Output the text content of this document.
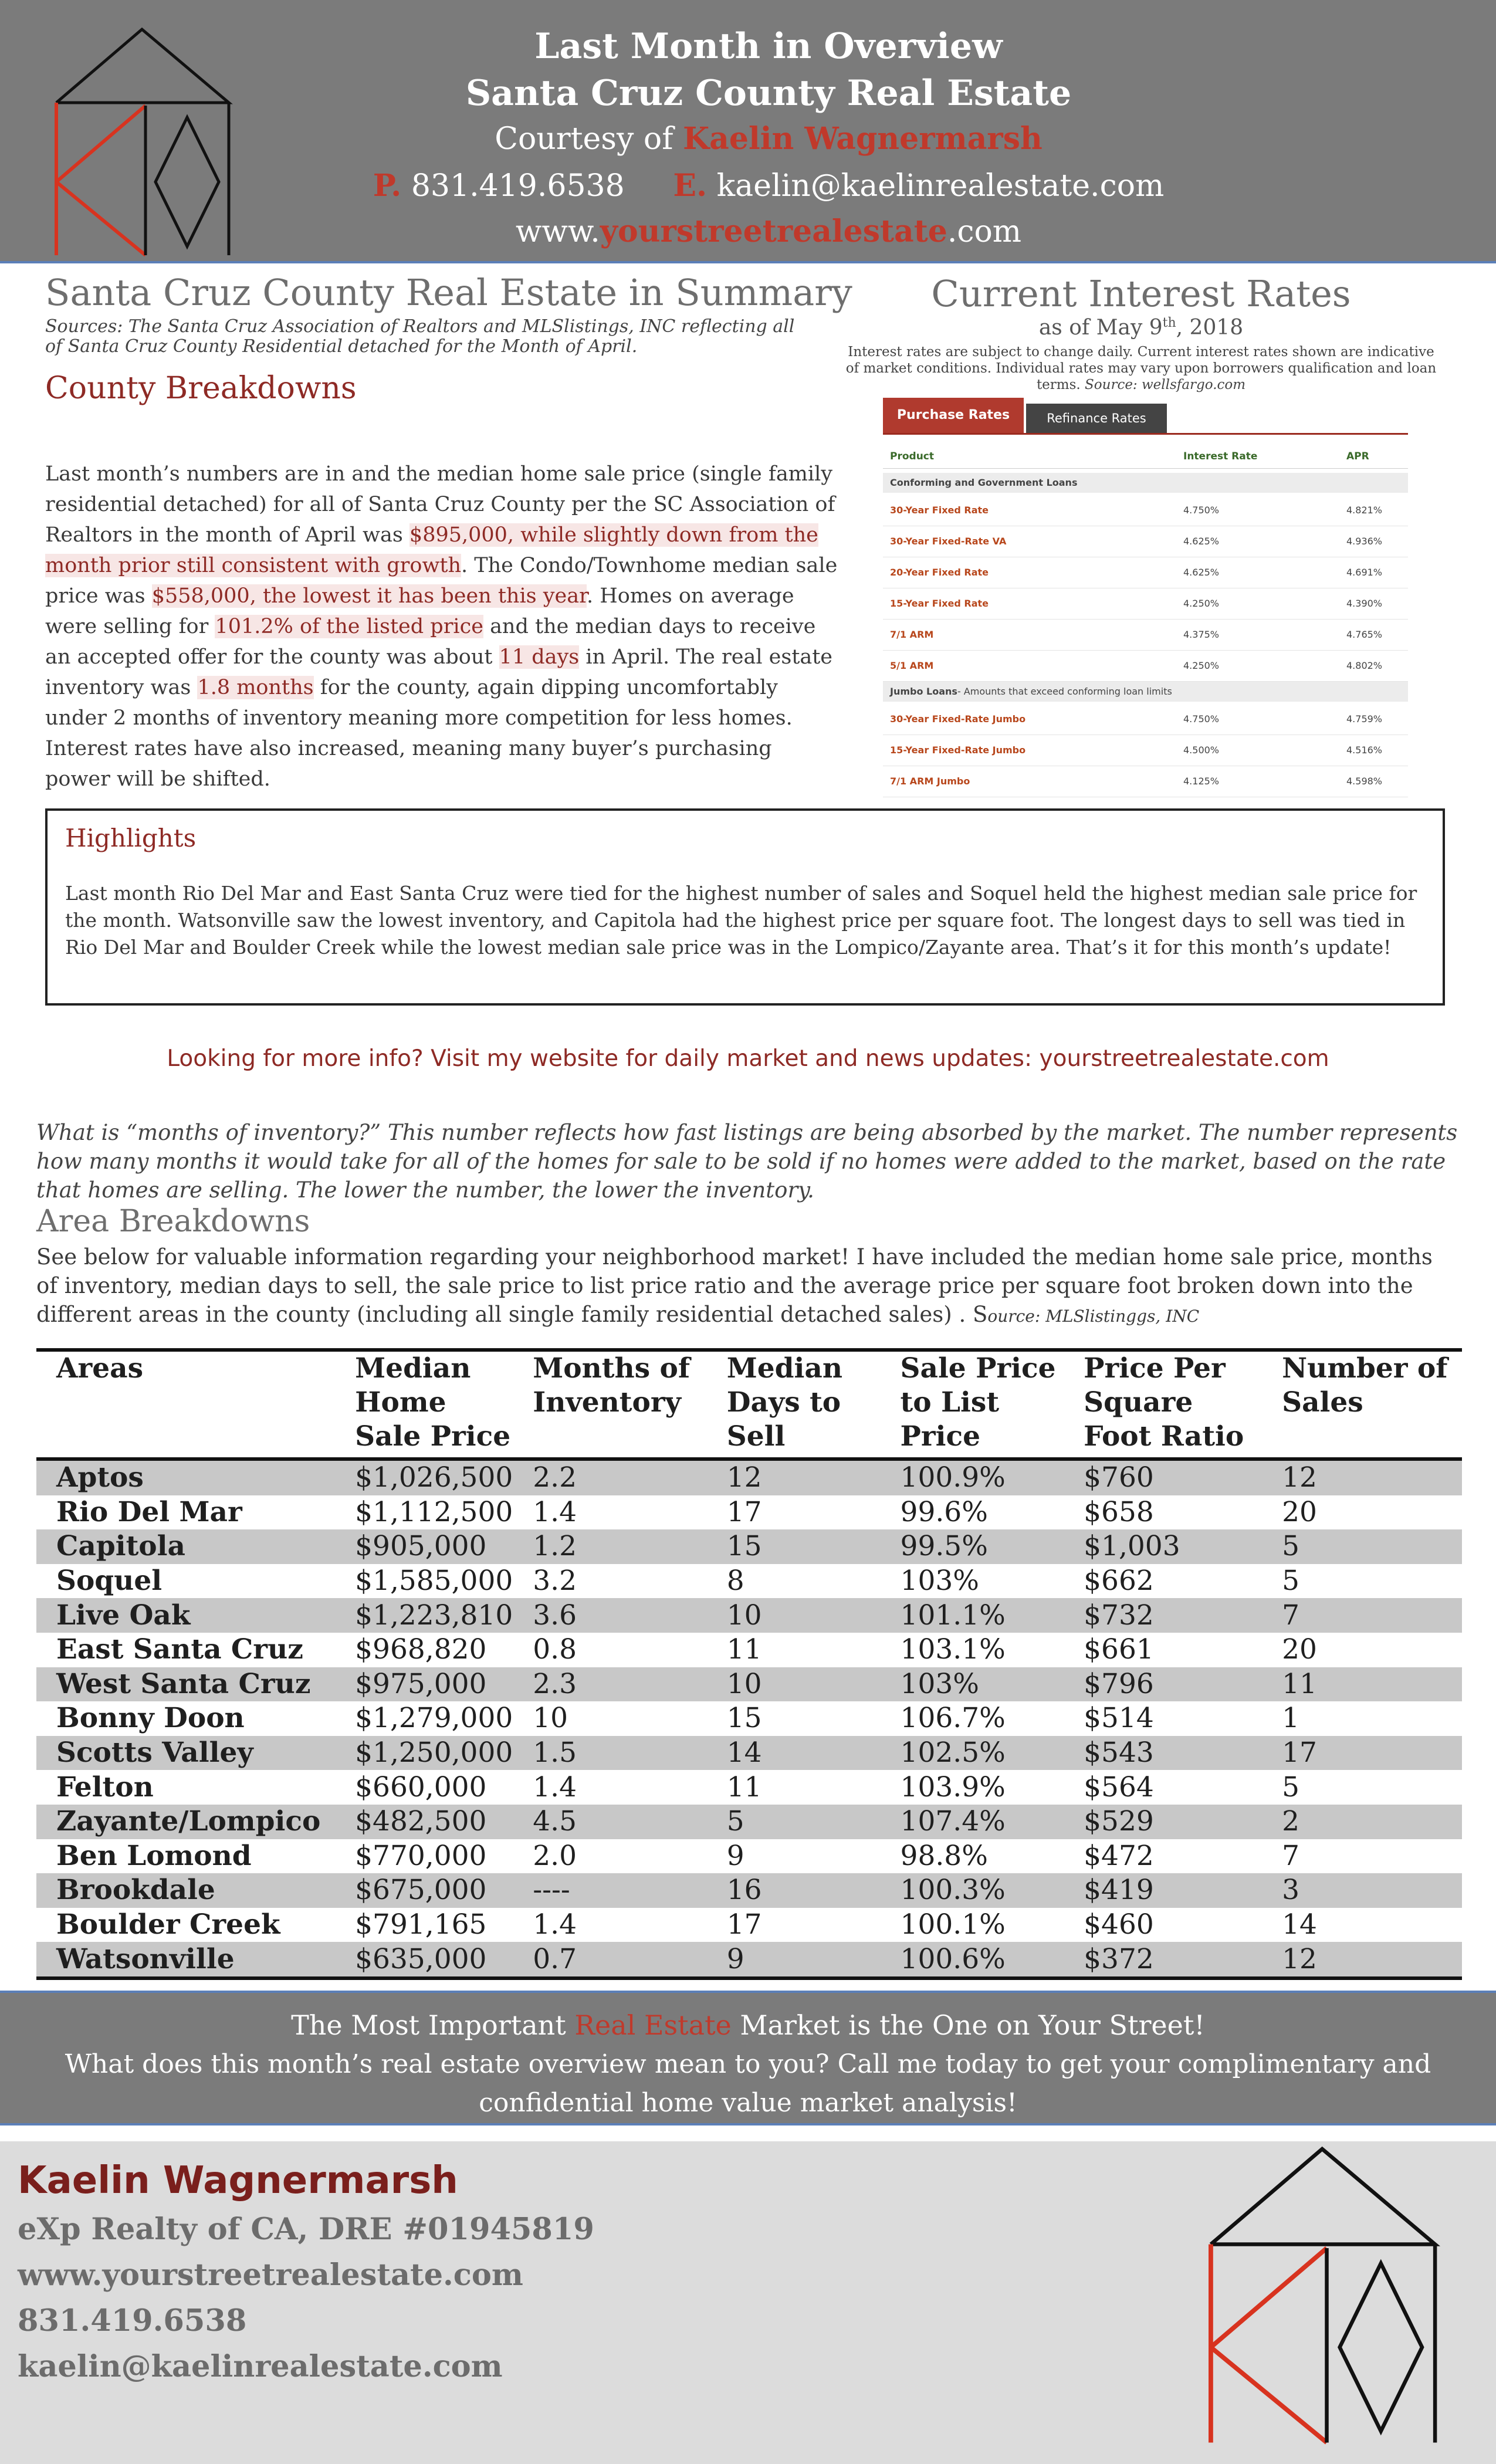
Last Month in Overview
Santa Cruz County Real Estate
Courtesy of Kaelin Wagnermarsh
P. 831.419.6538 E. kaelin@kaelinrealestate.com
www.yourstreetrealestate.com
Santa Cruz County Real Estate in Summary
Sources: The Santa Cruz Association of Realtors and MLSlistings, INC reflecting all of Santa Cruz County Residential detached for the Month of April.
County Breakdowns
Last month’s numbers are in and the median home sale price (single family residential detached) for all of Santa Cruz County per the SC Association of Realtors in the month of April was $895,000, while slightly down from the month prior still consistent with growth. The Condo/Townhome median sale price was $558,000, the lowest it has been this year. Homes on average were selling for 101.2% of the listed price and the median days to receive an accepted offer for the county was about 11 days in April. The real estate inventory was 1.8 months for the county, again dipping uncomfortably under 2 months of inventory meaning more competition for less homes. Interest rates have also increased, meaning many buyer’s purchasing power will be shifted.
Current Interest Rates
as of May 9th, 2018
Interest rates are subject to change daily. Current interest rates shown are indicative of market conditions. Individual rates may vary upon borrowers qualification and loan terms. Source: wellsfargo.com
Purchase Rates	Refinance Rates
Product	Interest Rate	APR
Conforming and Government Loans
30-Year Fixed Rate	4.750%	4.821%
30-Year Fixed-Rate VA	4.625%	4.936%
20-Year Fixed Rate	4.625%	4.691%
15-Year Fixed Rate	4.250%	4.390%
7/1 ARM	4.375%	4.765%
5/1 ARM	4.250%	4.802%
Jumbo Loans- Amounts that exceed conforming loan limits
30-Year Fixed-Rate Jumbo	4.750%	4.759%
15-Year Fixed-Rate Jumbo	4.500%	4.516%
7/1 ARM Jumbo	4.125%	4.598%
Highlights
Last month Rio Del Mar and East Santa Cruz were tied for the highest number of sales and Soquel held the highest median sale price for the month. Watsonville saw the lowest inventory, and Capitola had the highest price per square foot. The longest days to sell was tied in Rio Del Mar and Boulder Creek while the lowest median sale price was in the Lompico/Zayante area. That’s it for this month’s update!
Looking for more info? Visit my website for daily market and news updates: yourstreetrealestate.com
What is “months of inventory?” This number reflects how fast listings are being absorbed by the market. The number represents how many months it would take for all of the homes for sale to be sold if no homes were added to the market, based on the rate that homes are selling. The lower the number, the lower the inventory.
Area Breakdowns
See below for valuable information regarding your neighborhood market! I have included the median home sale price, months of inventory, median days to sell, the sale price to list price ratio and the average price per square foot broken down into the different areas in the county (including all single family residential detached sales) . Source: MLSlistinggs, INC
Areas	Median Home Sale Price	Months of Inventory	Median Days to Sell	Sale Price to List Price	Price Per Square Foot Ratio	Number of Sales
Aptos	$1,026,500	2.2	12	100.9%	$760	12
Rio Del Mar	$1,112,500	1.4	17	99.6%	$658	20
Capitola	$905,000	1.2	15	99.5%	$1,003	5
Soquel	$1,585,000	3.2	8	103%	$662	5
Live Oak	$1,223,810	3.6	10	101.1%	$732	7
East Santa Cruz	$968,820	0.8	11	103.1%	$661	20
West Santa Cruz	$975,000	2.3	10	103%	$796	11
Bonny Doon	$1,279,000	10	15	106.7%	$514	1
Scotts Valley	$1,250,000	1.5	14	102.5%	$543	17
Felton	$660,000	1.4	11	103.9%	$564	5
Zayante/Lompico	$482,500	4.5	5	107.4%	$529	2
Ben Lomond	$770,000	2.0	9	98.8%	$472	7
Brookdale	$675,000	----	16	100.3%	$419	3
Boulder Creek	$791,165	1.4	17	100.1%	$460	14
Watsonville	$635,000	0.7	9	100.6%	$372	12
The Most Important Real Estate Market is the One on Your Street!
What does this month’s real estate overview mean to you? Call me today to get your complimentary and
confidential home value market analysis!
Kaelin Wagnermarsh
eXp Realty of CA, DRE #01945819
www.yourstreetrealestate.com
831.419.6538
kaelin@kaelinrealestate.com
